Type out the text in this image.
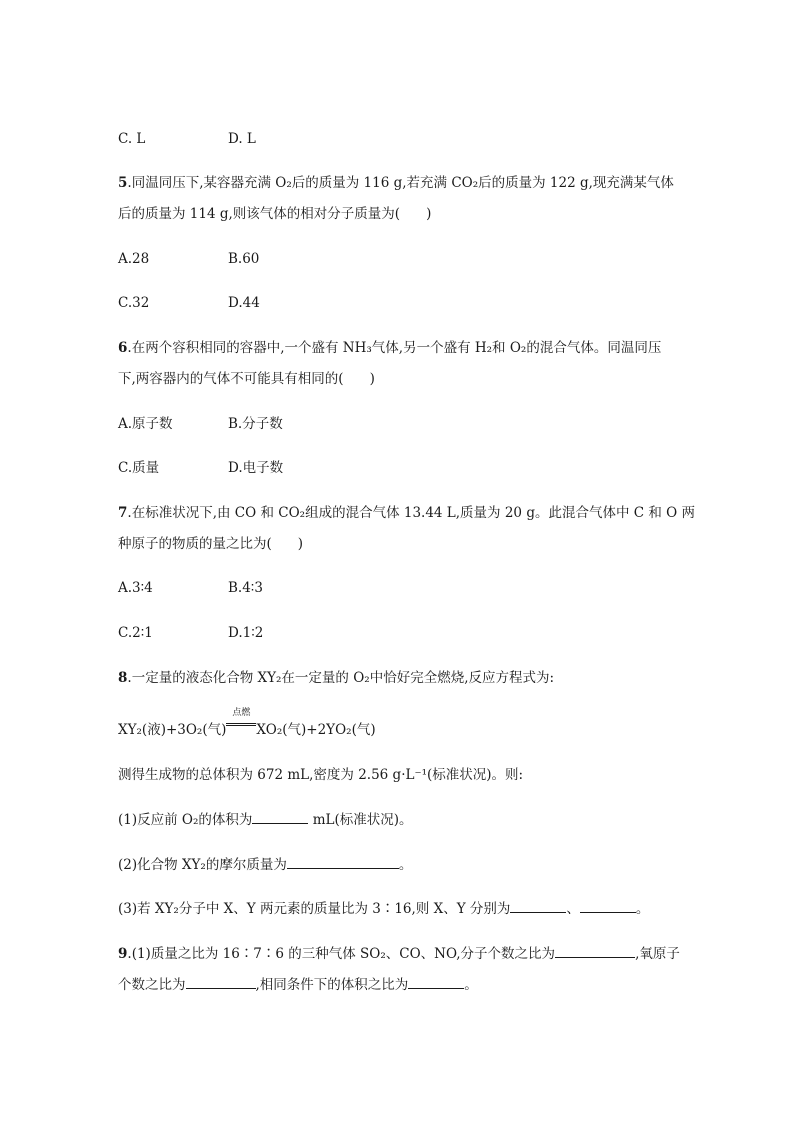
C. L	D. L
5.同温同压下,某容器充满 O₂后的质量为 116 g,若充满 CO₂后的质量为 122 g,现充满某气体
后的质量为 114 g,则该气体的相对分子质量为( )
A.28	B.60
C.32	D.44
6.在两个容积相同的容器中,一个盛有 NH₃气体,另一个盛有 H₂和 O₂的混合气体。同温同压
下,两容器内的气体不可能具有相同的( )
A.原子数	B.分子数
C.质量	D.电子数
7.在标准状况下,由 CO 和 CO₂组成的混合气体 13.44 L,质量为 20 g。此混合气体中 C 和 O 两
种原子的物质的量之比为( )
A.3∶4	B.4∶3
C.2∶1	D.1∶2
8.一定量的液态化合物 XY₂在一定量的 O₂中恰好完全燃烧,反应方程式为:
XY₂(液)+3O₂(气)
点燃
XO₂(气)+2YO₂(气)
测得生成物的总体积为 672 mL,密度为 2.56 g·L⁻¹(标准状况)。则:
(1)反应前 O₂的体积为	mL(标准状况)。
(2)化合物 XY₂的摩尔质量为	。
(3)若 XY₂分子中 X、Y 两元素的质量比为 3∶16,则 X、Y 分别为	、	。
9.(1)质量之比为 16∶7∶6 的三种气体 SO₂、CO、NO,分子个数之比为	,氧原子
个数之比为	,相同条件下的体积之比为	。
